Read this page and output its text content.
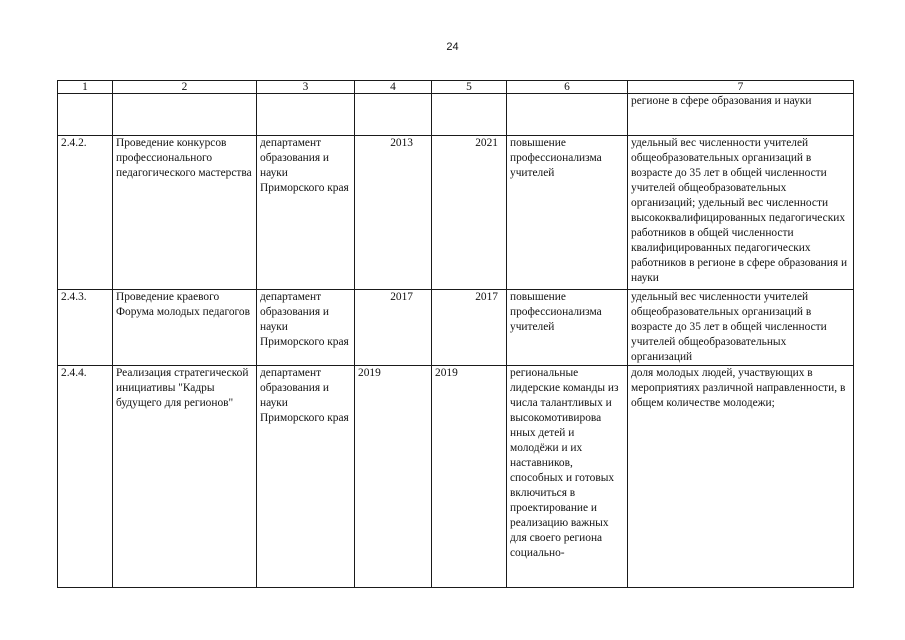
24
1	2	3	4	5	6	7
						регионе в сфере образования и науки
2.4.2.	Проведение конкурсов профессионального педагогического мастерства	департамент образования и науки Приморского края	2013	2021	повышение профессионализма учителей	удельный вес численности учителей общеобразовательных организаций в возрасте до 35 лет в общей численности учителей общеобразовательных организаций; удельный вес численности высококвалифицированных педагогических работников в общей численности квалифицированных педагогических работников в регионе в сфере образования и науки
2.4.3.	Проведение краевого Форума молодых педагогов	департамент образования и науки Приморского края	2017	2017	повышение профессионализма учителей	удельный вес численности учителей общеобразовательных организаций в возрасте до 35 лет в общей численности учителей общеобразовательных организаций
2.4.4.	Реализация стратегической инициативы "Кадры будущего для регионов"	департамент образования и науки Приморского края	2019	2019	региональные лидерские команды из числа талантливых и высокомотивирова нных детей и молодёжи и их наставников, способных и готовых включиться в проектирование и реализацию важных для своего региона социально-	доля молодых людей, участвующих в мероприятиях различной направленности, в общем количестве молодежи;
